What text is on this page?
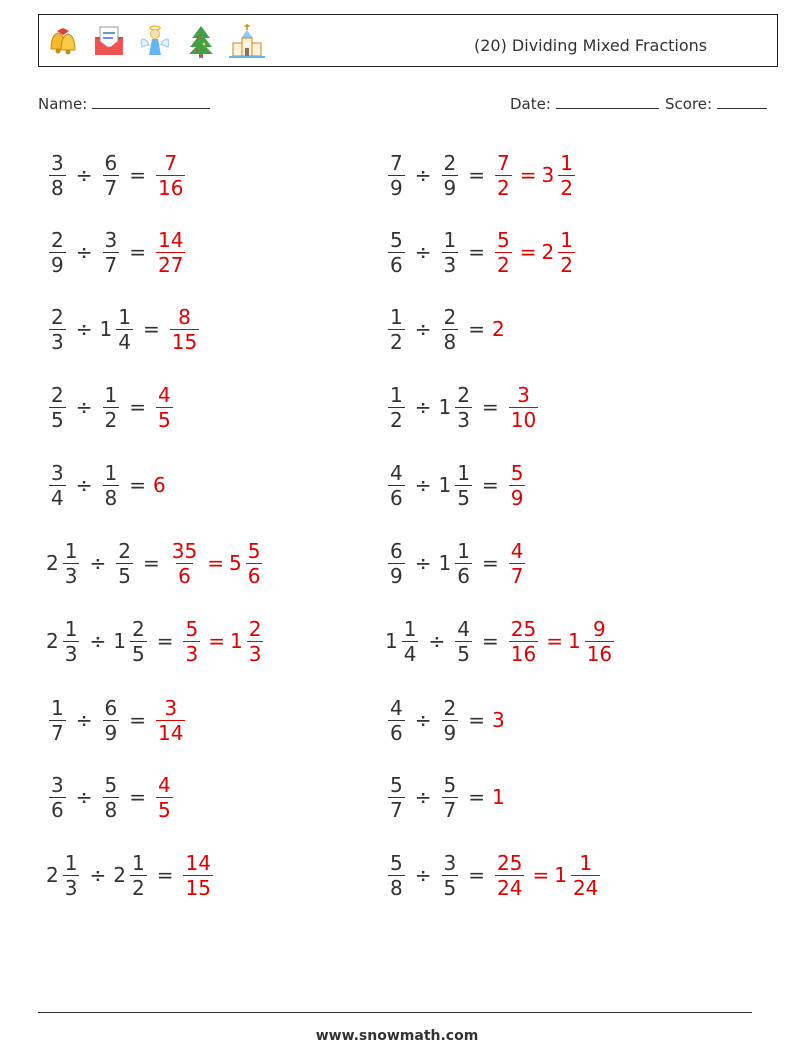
(20) Dividing Mixed Fractions
Name:	Date:	Score:
$\frac{3}{8} \div \frac{6}{7} = \frac{7}{16}$	$\frac{7}{9} \div \frac{2}{9} = \frac{7}{2} = 3 \frac{1}{2}$
$\frac{2}{9} \div \frac{3}{7} = \frac{14}{27}$	$\frac{5}{6} \div \frac{1}{3} = \frac{5}{2} = 2 \frac{1}{2}$
$\frac{2}{3} \div 1 \frac{1}{4} = \frac{8}{15}$	$\frac{1}{2} \div \frac{2}{8} = 2$
$\frac{2}{5} \div \frac{1}{2} = \frac{4}{5}$	$\frac{1}{2} \div 1 \frac{2}{3} = \frac{3}{10}$
$\frac{3}{4} \div \frac{1}{8} = 6$	$\frac{4}{6} \div 1 \frac{1}{5} = \frac{5}{9}$
$2 \frac{1}{3} \div \frac{2}{5} = \frac{35}{6} = 5 \frac{5}{6}$	$\frac{6}{9} \div 1 \frac{1}{6} = \frac{4}{7}$
$2 \frac{1}{3} \div 1 \frac{2}{5} = \frac{5}{3} = 1 \frac{2}{3}$	$1 \frac{1}{4} \div \frac{4}{5} = \frac{25}{16} = 1 \frac{9}{16}$
$\frac{1}{7} \div \frac{6}{9} = \frac{3}{14}$	$\frac{4}{6} \div \frac{2}{9} = 3$
$\frac{3}{6} \div \frac{5}{8} = \frac{4}{5}$	$\frac{5}{7} \div \frac{5}{7} = 1$
$2 \frac{1}{3} \div 2 \frac{1}{2} = \frac{14}{15}$	$\frac{5}{8} \div \frac{3}{5} = \frac{25}{24} = 1 \frac{1}{24}$
www.snowmath.com
